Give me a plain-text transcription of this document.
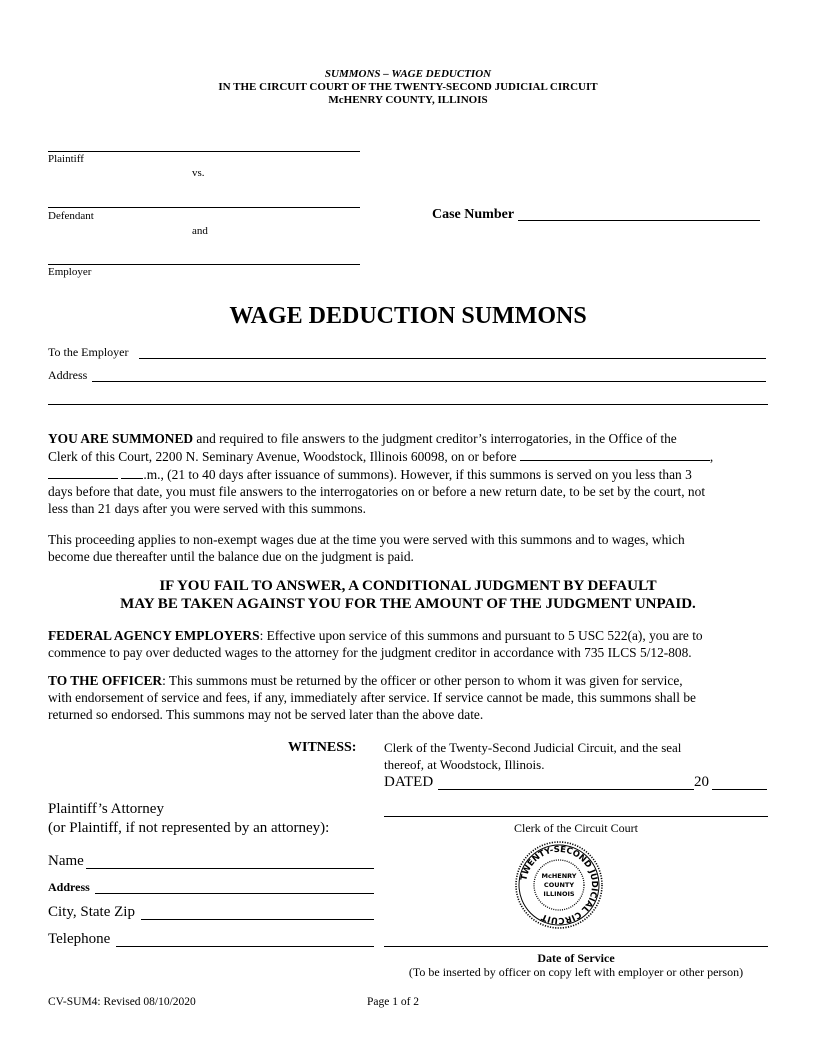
SUMMONS – WAGE DEDUCTION
IN THE CIRCUIT COURT OF THE TWENTY-SECOND JUDICIAL CIRCUIT
McHENRY COUNTY, ILLINOIS
Plaintiff
vs.
Defendant
and
Employer
Case Number
WAGE DEDUCTION SUMMONS
To the Employer
Address
YOU ARE SUMMONED and required to file answers to the judgment creditor’s interrogatories, in the Office of the
Clerk of this Court, 2200 N. Seminary Avenue, Woodstock, Illinois 60098, on or before	,
.m., (21 to 40 days after issuance of summons). However, if this summons is served on you less than 3
days before that date, you must file answers to the interrogatories on or before a new return date, to be set by the court, not
less than 21 days after you were served with this summons.
This proceeding applies to non-exempt wages due at the time you were served with this summons and to wages, which
become due thereafter until the balance due on the judgment is paid.
IF YOU FAIL TO ANSWER, A CONDITIONAL JUDGMENT BY DEFAULT
MAY BE TAKEN AGAINST YOU FOR THE AMOUNT OF THE JUDGMENT UNPAID.
FEDERAL AGENCY EMPLOYERS: Effective upon service of this summons and pursuant to 5 USC 522(a), you are to
commence to pay over deducted wages to the attorney for the judgment creditor in accordance with 735 ILCS 5/12-808.
TO THE OFFICER: This summons must be returned by the officer or other person to whom it was given for service,
with endorsement of service and fees, if any, immediately after service. If service cannot be made, this summons shall be
returned so endorsed. This summons may not be served later than the above date.
WITNESS: Clerk of the Twenty-Second Judicial Circuit, and the seal
thereof, at Woodstock, Illinois.
DATED	20
Plaintiff’s Attorney
(or Plaintiff, if not represented by an attorney):	Clerk of the Circuit Court
Name
Address
City, State Zip
Telephone
TWENTY-SECOND JUDICIAL CIRCUIT
McHENRY
COUNTY
ILLINOIS
Date of Service
(To be inserted by officer on copy left with employer or other person)
CV-SUM4: Revised 08/10/2020	Page 1 of 2
